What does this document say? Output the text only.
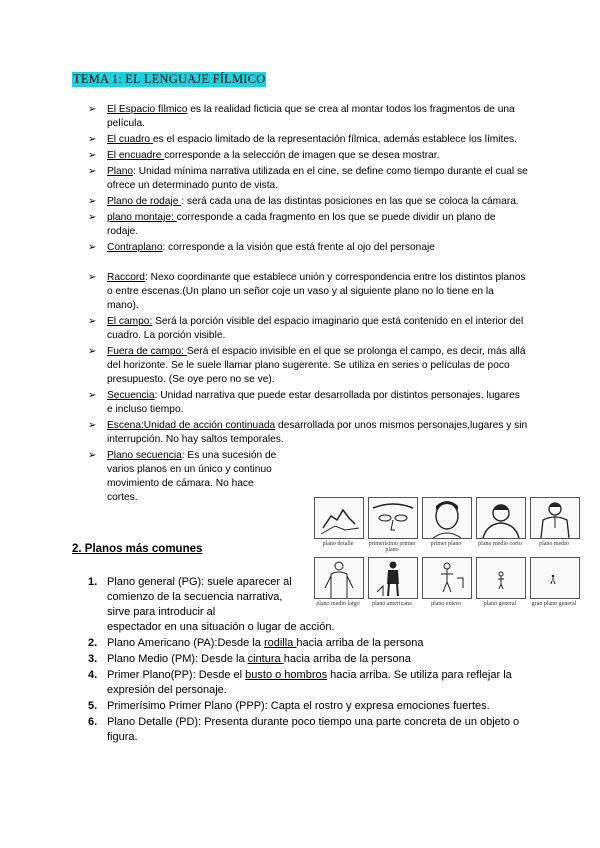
TEMA 1: EL LENGUAJE FÍLMICO
➢ El Espacio fílmico es la realidad ficticia que se crea al montar todos los fragmentos de una película.
➢ El cuadro es el espacio limitado de la representación fílmica, además establece los límites.
➢ El encuadre corresponde a la selección de imagen que se desea mostrar.
➢ Plano: Unidad mínima narrativa utilizada en el cine, se define como tiempo durante el cual se ofrece un determinado punto de vista.
➢ Plano de rodaje : será cada una de las distintas posiciones en las que se coloca la cámara.
➢ plano montaje: corresponde a cada fragmento en los que se puede dividir un plano de rodaje.
➢ Contraplano: corresponde a la visión que está frente al ojo del personaje
➢ Raccord: Nexo coordinante que establece unión y correspondencia entre los distintos planos o entre escenas.(Un plano un señor coje un vaso y al siguiente plano no lo tiene en la mano).
➢ El campo: Será la porción visible del espacio imaginario que está contenido en el interior del cuadro. La porción visible.
➢ Fuera de campo: Será el espacio invisible en el que se prolonga el campo, es decir, más allá del horizonte. Se le suele llamar plano sugerente. Se utiliza en series o películas de poco presupuesto. (Se oye pero no se ve).
➢ Secuencia: Unidad narrativa que puede estar desarrollada por distintos personajes, lugares e incluso tiempo.
➢ Escena:Unidad de acción continuada desarrollada por unos mismos personajes,lugares y sin interrupción. No hay saltos temporales.
➢ Plano secuencia: Es una sucesión de varios planos en un único y continuo movimiento de cámara. No hace cortes.
2. Planos más comunes
1. Plano general (PG): suele aparecer al comienzo de la secuencia narrativa, sirve para introducir al
espectador en una situación o lugar de acción.
2. Plano Americano (PA):Desde la rodilla hacia arriba de la persona
3. Plano Medio (PM): Desde la cintura hacia arriba de la persona
4. Primer Plano(PP): Desde el busto o hombros hacia arriba. Se utiliza para reflejar la expresión del personaje.
5. Primerísimo Primer Plano (PPP): Capta el rostro y expresa emociones fuertes.
6. Plano Detalle (PD): Presenta durante poco tiempo una parte concreta de un objeto o figura.
plano detalle	primerísimo primer plano
primer plano	plano medio corto	plano medio
plano medio largo	plano americano	plano entero	plano general	gran plano general
